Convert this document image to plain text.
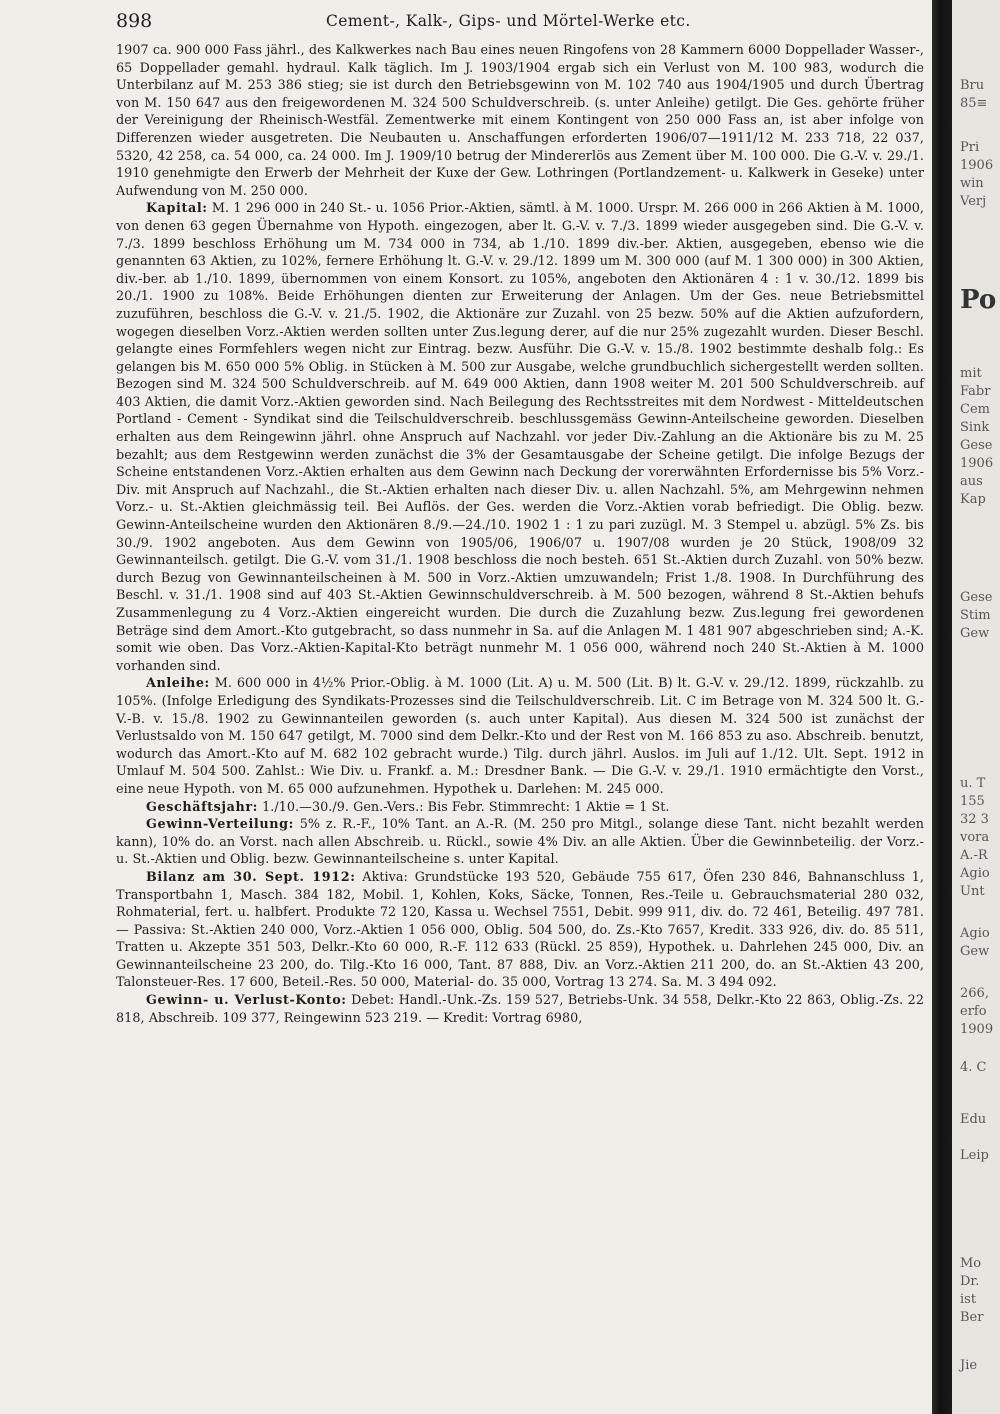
898	Cement-, Kalk-, Gips- und Mörtel-Werke etc.

1907 ca. 900 000 Fass jährl., des Kalkwerkes nach Bau eines neuen Ringofens von 28 Kammern 6000 Doppellader Wasser-, 65 Doppellader gemahl. hydraul. Kalk täglich. Im J. 1903/1904 ergab sich ein Verlust von M. 100 983, wodurch die Unterbilanz auf M. 253 386 stieg; sie ist durch den Betriebsgewinn von M. 102 740 aus 1904/1905 und durch Übertrag von M. 150 647 aus den freigewordenen M. 324 500 Schuldverschreib. (s. unter Anleihe) getilgt. Die Ges. gehörte früher der Vereinigung der Rheinisch-Westfäl. Zementwerke mit einem Kontingent von 250 000 Fass an, ist aber infolge von Differenzen wieder ausgetreten. Die Neubauten u. Anschaffungen erforderten 1906/07—1911/12 M. 233 718, 22 037, 5320, 42 258, ca. 54 000, ca. 24 000. Im J. 1909/10 betrug der Mindererlös aus Zement über M. 100 000. Die G.-V. v. 29./1. 1910 genehmigte den Erwerb der Mehrheit der Kuxe der Gew. Lothringen (Portlandzement- u. Kalkwerk in Geseke) unter Aufwendung von M. 250 000.

Kapital: M. 1 296 000 in 240 St.- u. 1056 Prior.-Aktien, sämtl. à M. 1000. Urspr. M. 266 000 in 266 Aktien à M. 1000, von denen 63 gegen Übernahme von Hypoth. eingezogen, aber lt. G.-V. v. 7./3. 1899 wieder ausgegeben sind. Die G.-V. v. 7./3. 1899 beschloss Erhöhung um M. 734 000 in 734, ab 1./10. 1899 div.-ber. Aktien, ausgegeben, ebenso wie die genannten 63 Aktien, zu 102%, fernere Erhöhung lt. G.-V. v. 29./12. 1899 um M. 300 000 (auf M. 1 300 000) in 300 Aktien, div.-ber. ab 1./10. 1899, übernommen von einem Konsort. zu 105%, angeboten den Aktionären 4 : 1 v. 30./12. 1899 bis 20./1. 1900 zu 108%. Beide Erhöhungen dienten zur Erweiterung der Anlagen. Um der Ges. neue Betriebsmittel zuzuführen, beschloss die G.-V. v. 21./5. 1902, die Aktionäre zur Zuzahl. von 25 bezw. 50% auf die Aktien aufzufordern, wogegen dieselben Vorz.-Aktien werden sollten unter Zus.legung derer, auf die nur 25% zugezahlt wurden. Dieser Beschl. gelangte eines Formfehlers wegen nicht zur Eintrag. bezw. Ausführ. Die G.-V. v. 15./8. 1902 bestimmte deshalb folg.: Es gelangen bis M. 650 000 5% Oblig. in Stücken à M. 500 zur Ausgabe, welche grundbuchlich sichergestellt werden sollten. Bezogen sind M. 324 500 Schuldverschreib. auf M. 649 000 Aktien, dann 1908 weiter M. 201 500 Schuldverschreib. auf 403 Aktien, die damit Vorz.-Aktien geworden sind. Nach Beilegung des Rechtsstreites mit dem Nordwest - Mitteldeutschen Portland - Cement - Syndikat sind die Teilschuldverschreib. beschlussgemäss Gewinn-Anteilscheine geworden. Dieselben erhalten aus dem Reingewinn jährl. ohne Anspruch auf Nachzahl. vor jeder Div.-Zahlung an die Aktionäre bis zu M. 25 bezahlt; aus dem Restgewinn werden zunächst die 3% der Gesamtausgabe der Scheine getilgt. Die infolge Bezugs der Scheine entstandenen Vorz.-Aktien erhalten aus dem Gewinn nach Deckung der vorerwähnten Erfordernisse bis 5% Vorz.-Div. mit Anspruch auf Nachzahl., die St.-Aktien erhalten nach dieser Div. u. allen Nachzahl. 5%, am Mehrgewinn nehmen Vorz.- u. St.-Aktien gleichmässig teil. Bei Auflös. der Ges. werden die Vorz.-Aktien vorab befriedigt. Die Oblig. bezw. Gewinn-Anteilscheine wurden den Aktionären 8./9.—24./10. 1902 1 : 1 zu pari zuzügl. M. 3 Stempel u. abzügl. 5% Zs. bis 30./9. 1902 angeboten. Aus dem Gewinn von 1905/06, 1906/07 u. 1907/08 wurden je 20 Stück, 1908/09 32 Gewinnanteilsch. getilgt. Die G.-V. vom 31./1. 1908 beschloss die noch besteh. 651 St.-Aktien durch Zuzahl. von 50% bezw. durch Bezug von Gewinnanteilscheinen à M. 500 in Vorz.-Aktien umzuwandeln; Frist 1./8. 1908. In Durchführung des Beschl. v. 31./1. 1908 sind auf 403 St.-Aktien Gewinnschuldverschreib. à M. 500 bezogen, während 8 St.-Aktien behufs Zusammenlegung zu 4 Vorz.-Aktien eingereicht wurden. Die durch die Zuzahlung bezw. Zus.legung frei gewordenen Beträge sind dem Amort.-Kto gutgebracht, so dass nunmehr in Sa. auf die Anlagen M. 1 481 907 abgeschrieben sind; A.-K. somit wie oben. Das Vorz.-Aktien-Kapital-Kto beträgt nunmehr M. 1 056 000, während noch 240 St.-Aktien à M. 1000 vorhanden sind.

Anleihe: M. 600 000 in 4½% Prior.-Oblig. à M. 1000 (Lit. A) u. M. 500 (Lit. B) lt. G.-V. v. 29./12. 1899, rückzahlb. zu 105%. (Infolge Erledigung des Syndikats-Prozesses sind die Teilschuldverschreib. Lit. C im Betrage von M. 324 500 lt. G.-V.-B. v. 15./8. 1902 zu Gewinnanteilen geworden (s. auch unter Kapital). Aus diesen M. 324 500 ist zunächst der Verlustsaldo von M. 150 647 getilgt, M. 7000 sind dem Delkr.-Kto und der Rest von M. 166 853 zu aso. Abschreib. benutzt, wodurch das Amort.-Kto auf M. 682 102 gebracht wurde.) Tilg. durch jährl. Auslos. im Juli auf 1./12. Ult. Sept. 1912 in Umlauf M. 504 500. Zahlst.: Wie Div. u. Frankf. a. M.: Dresdner Bank. — Die G.-V. v. 29./1. 1910 ermächtigte den Vorst., eine neue Hypoth. von M. 65 000 aufzunehmen. Hypothek u. Darlehen: M. 245 000.

Geschäftsjahr: 1./10.—30./9. Gen.-Vers.: Bis Febr. Stimmrecht: 1 Aktie = 1 St.

Gewinn-Verteilung: 5% z. R.-F., 10% Tant. an A.-R. (M. 250 pro Mitgl., solange diese Tant. nicht bezahlt werden kann), 10% do. an Vorst. nach allen Abschreib. u. Rückl., sowie 4% Div. an alle Aktien. Über die Gewinnbeteilig. der Vorz.- u. St.-Aktien und Oblig. bezw. Gewinnanteilscheine s. unter Kapital.

Bilanz am 30. Sept. 1912: Aktiva: Grundstücke 193 520, Gebäude 755 617, Öfen 230 846, Bahnanschluss 1, Transportbahn 1, Masch. 384 182, Mobil. 1, Kohlen, Koks, Säcke, Tonnen, Res.-Teile u. Gebrauchsmaterial 280 032, Rohmaterial, fert. u. halbfert. Produkte 72 120, Kassa u. Wechsel 7551, Debit. 999 911, div. do. 72 461, Beteilig. 497 781. — Passiva: St.-Aktien 240 000, Vorz.-Aktien 1 056 000, Oblig. 504 500, do. Zs.-Kto 7657, Kredit. 333 926, div. do. 85 511, Tratten u. Akzepte 351 503, Delkr.-Kto 60 000, R.-F. 112 633 (Rückl. 25 859), Hypothek. u. Dahrlehen 245 000, Div. an Gewinnanteilscheine 23 200, do. Tilg.-Kto 16 000, Tant. 87 888, Div. an Vorz.-Aktien 211 200, do. an St.-Aktien 43 200, Talonsteuer-Res. 17 600, Beteil.-Res. 50 000, Material- do. 35 000, Vortrag 13 274. Sa. M. 3 494 092.

Gewinn- u. Verlust-Konto: Debet: Handl.-Unk.-Zs. 159 527, Betriebs-Unk. 34 558, Delkr.-Kto 22 863, Oblig.-Zs. 22 818, Abschreib. 109 377, Reingewinn 523 219. — Kredit: Vortrag 6980,

Bru
85≡
Pri
1906
win
Verj
Po
mit
Fabr
Cem
Sink
Gese
1906
aus
Kap
Gese
Stim
Gew
u. T
155
32 3
vora
A.-R
Agio
Unt
Agio
Gew
266,
erfo
1909
4. C
Edu
Leip
Mo
Dr.
ist
Ber
Jie
